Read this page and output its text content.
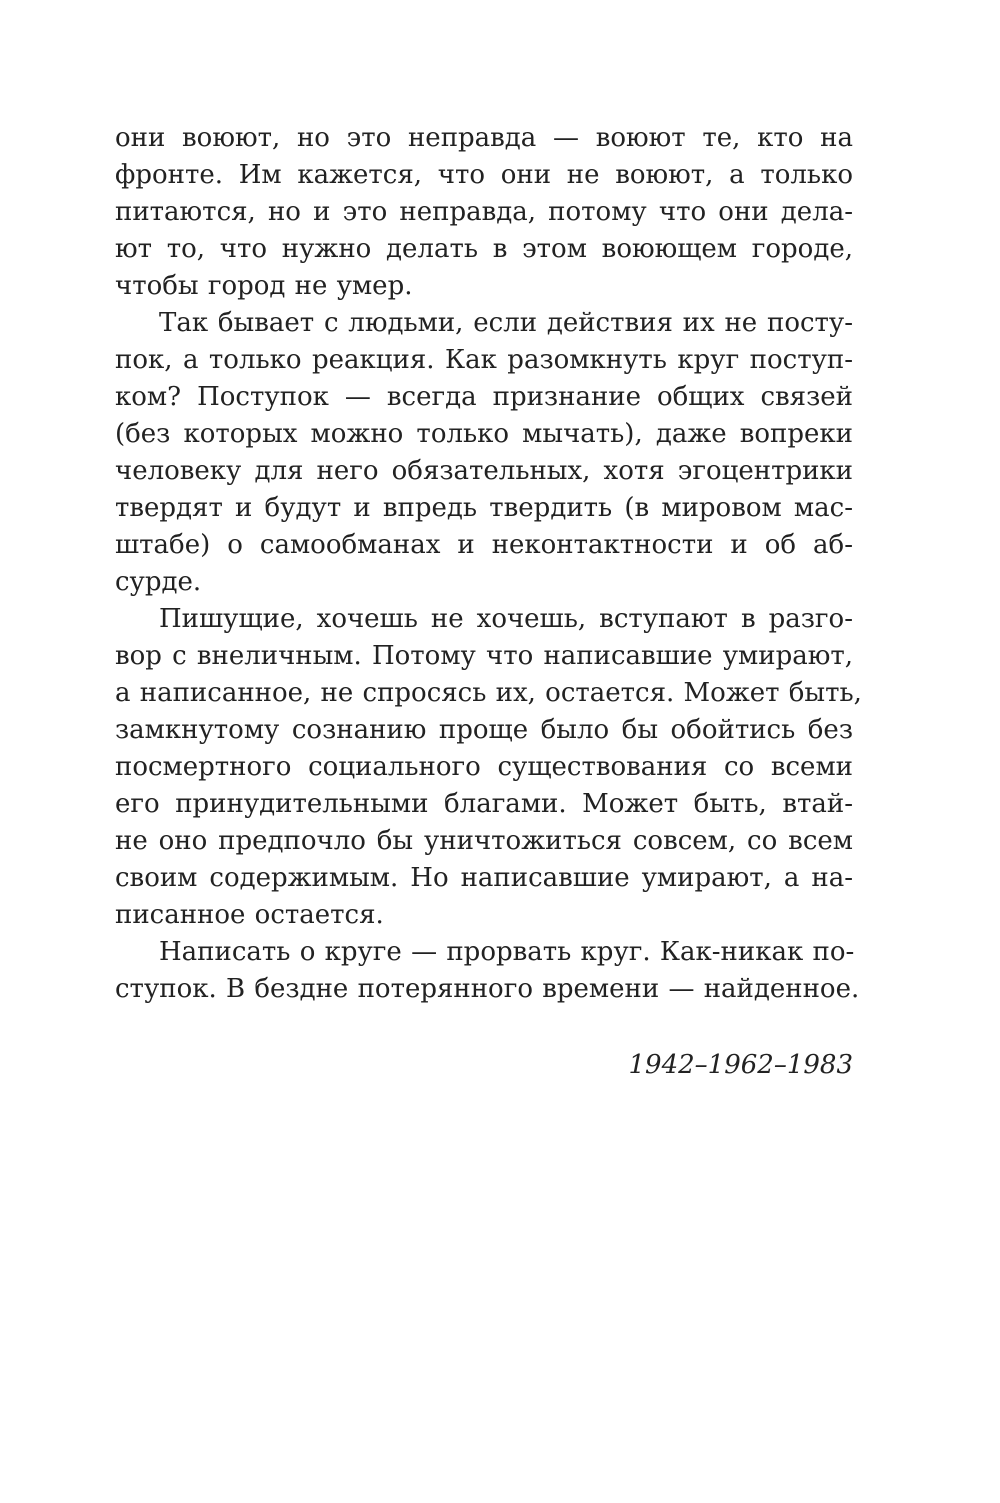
они воюют, но это неправда — воюют те, кто на
фронте. Им кажется, что они не воюют, а только
питаются, но и это неправда, потому что они дела-
ют то, что нужно делать в этом воюющем городе,
чтобы город не умер.
Так бывает с людьми, если действия их не посту-
пок, а только реакция. Как разомкнуть круг поступ-
ком? Поступок — всегда признание общих связей
(без которых можно только мычать), даже вопреки
человеку для него обязательных, хотя эгоцентрики
твердят и будут и впредь твердить (в мировом мас-
штабе) о самообманах и неконтактности и об аб-
сурде.
Пишущие, хочешь не хочешь, вступают в разго-
вор с внеличным. Потому что написавшие умирают,
а написанное, не спросясь их, остается. Может быть,
замкнутому сознанию проще было бы обойтись без
посмертного социального существования со всеми
его принудительными благами. Может быть, втай-
не оно предпочло бы уничтожиться совсем, со всем
своим содержимым. Но написавшие умирают, а на-
писанное остается.
Написать о круге — прорвать круг. Как-никак по-
ступок. В бездне потерянного времени — найденное.
1942–1962–1983
